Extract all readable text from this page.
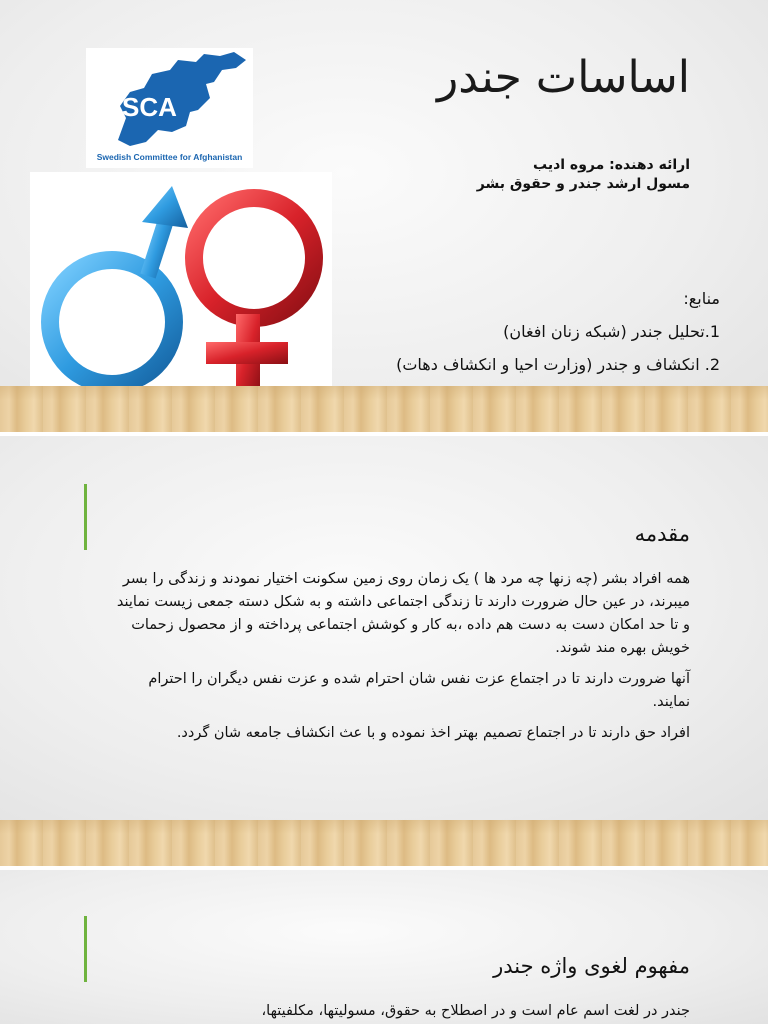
اساسات جندر
ارائه دهنده: مروه ادیب
مسول ارشد جندر و حقوق بشر
منابع:
1.تحلیل جندر (شبکه زنان افغان)
2. انکشاف و جندر (وزارت احیا و انکشاف دهات)
SCA
Swedish Committee for Afghanistan
مقدمه

همه افراد بشر (چه زنها چه مرد ها ) یک زمان روی زمین سکونت اختیار نمودند و زندگی را بسر میبرند، در عین حال ضرورت دارند تا زندگی اجتماعی داشته و به شکل دسته جمعی زیست نمایند و تا حد امکان دست به دست هم داده ،به کار و کوشش اجتماعی پرداخته و از محصول زحمات خویش بهره مند شوند.

آنها ضرورت دارند تا در اجتماع عزت نفس شان احترام شده و عزت نفس دیگران را احترام نمایند.

افراد حق دارند تا در اجتماع تصمیم بهتر اخذ نموده و با عث انکشاف جامعه شان گردد.

مفهوم لغوی واژه جندر

جندر در لغت اسم عام است و در اصطلاح به حقوق، مسولیتها، مکلفیتها،
